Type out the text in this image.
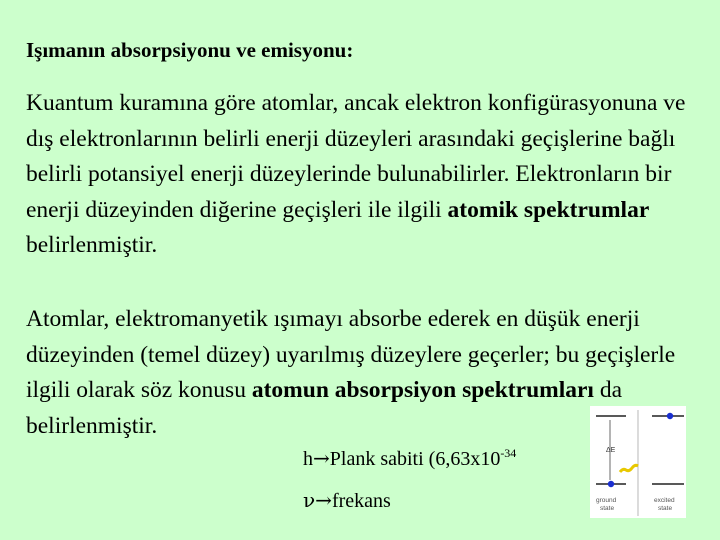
Işımanın absorpsiyonu ve emisyonu:

Kuantum kuramına göre atomlar, ancak elektron konfigürasyonuna ve dış elektronlarının belirli enerji düzeyleri arasındaki geçişlerine bağlı belirli potansiyel enerji düzeylerinde bulunabilirler. Elektronların bir enerji düzeyinden diğerine geçişleri ile ilgili atomik spektrumlar belirlenmiştir.

Atomlar, elektromanyetik ışımayı absorbe ederek en düşük enerji düzeyinden (temel düzey) uyarılmış düzeylere geçerler; bu geçişlerle ilgili olarak söz konusu atomun absorpsiyon spektrumları da belirlenmiştir.

h→Plank sabiti ($6,63x10^{-34}$
ν→frekans
ΔE
ground
state
excited
state
